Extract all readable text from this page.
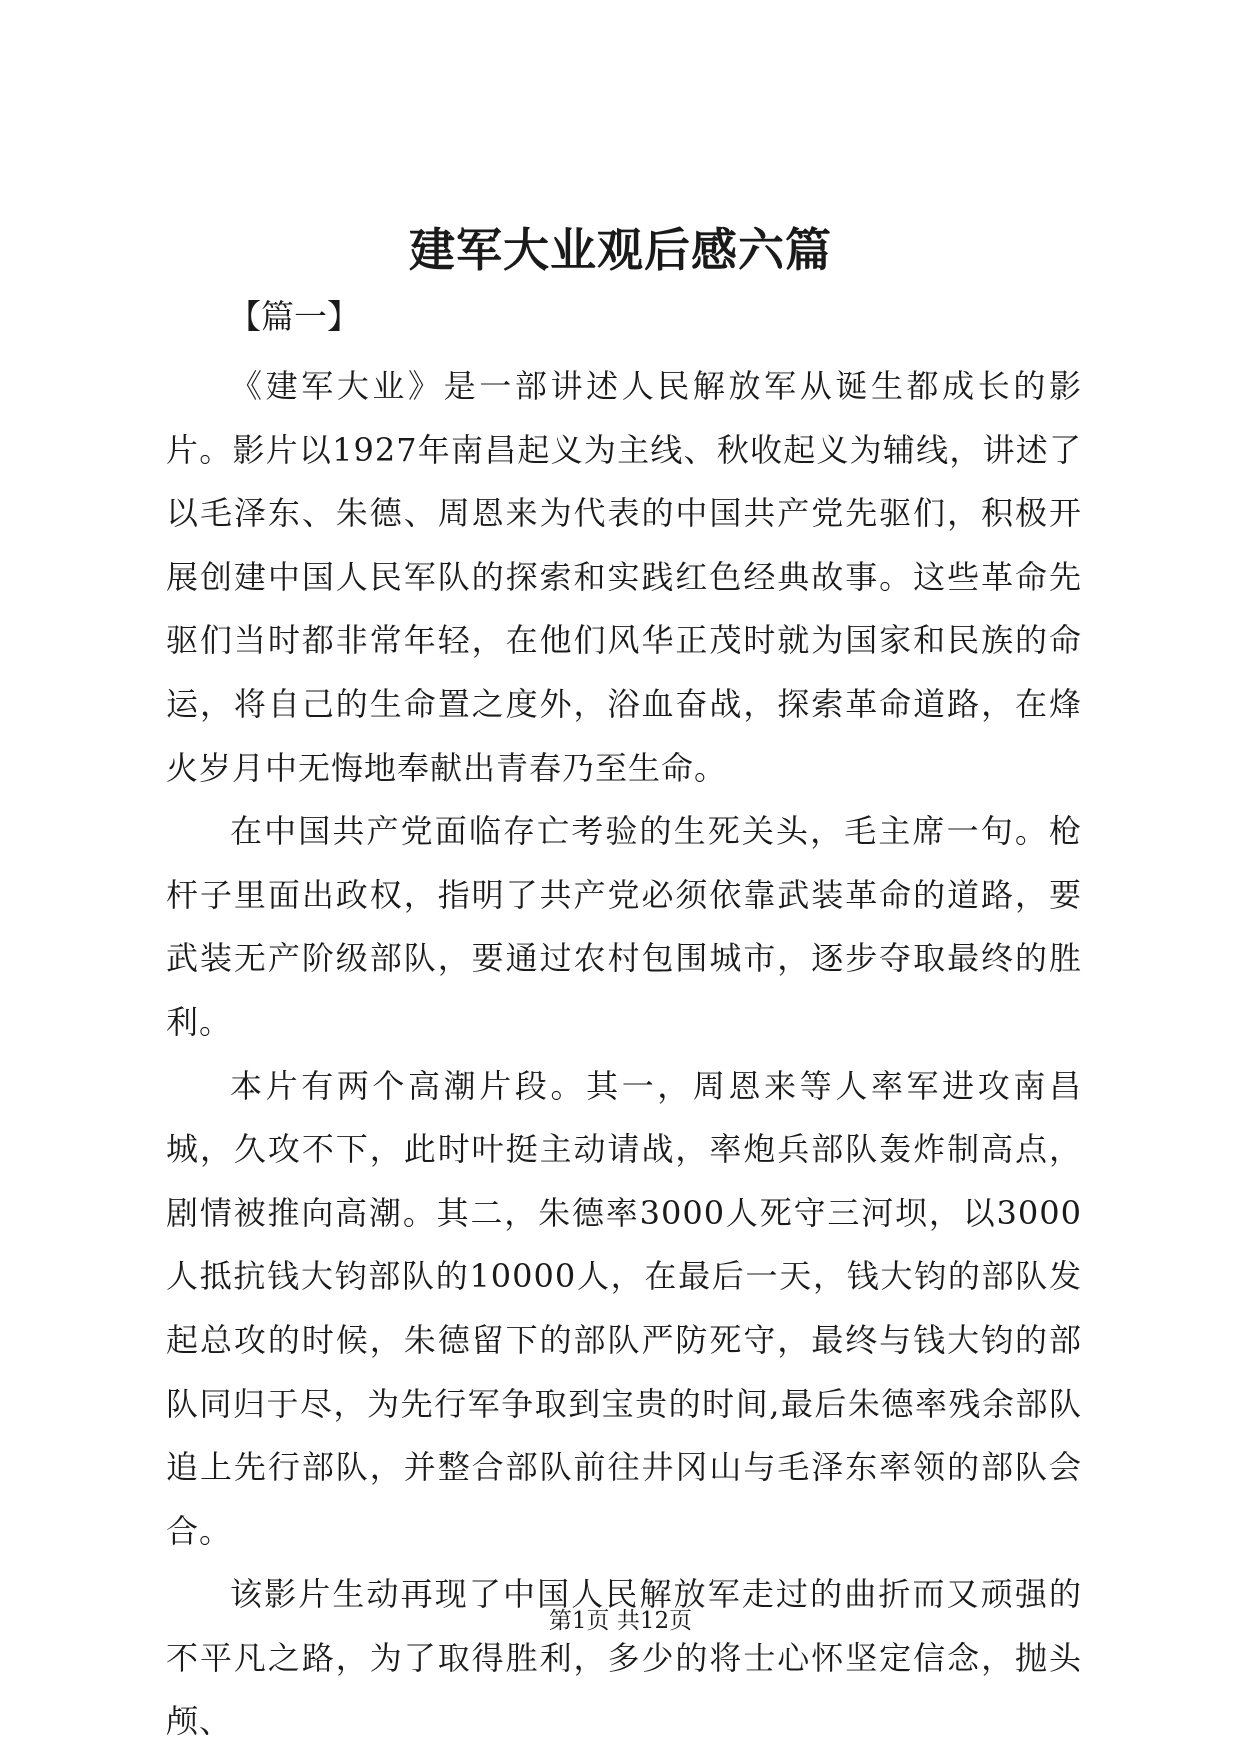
建军大业观后感六篇
【篇一】

《建军大业》是一部讲述人民解放军从诞生都成长的影片。影片以1927年南昌起义为主线、秋收起义为辅线，讲述了以毛泽东、朱德、周恩来为代表的中国共产党先驱们，积极开展创建中国人民军队的探索和实践红色经典故事。这些革命先驱们当时都非常年轻，在他们风华正茂时就为国家和民族的命运，将自己的生命置之度外，浴血奋战，探索革命道路，在烽火岁月中无悔地奉献出青春乃至生命。

在中国共产党面临存亡考验的生死关头，毛主席一句。枪杆子里面出政权，指明了共产党必须依靠武装革命的道路，要武装无产阶级部队，要通过农村包围城市，逐步夺取最终的胜利。

本片有两个高潮片段。其一，周恩来等人率军进攻南昌城，久攻不下，此时叶挺主动请战，率炮兵部队轰炸制高点，剧情被推向高潮。其二，朱德率3000人死守三河坝，以3000人抵抗钱大钧部队的10000人，在最后一天，钱大钧的部队发起总攻的时候，朱德留下的部队严防死守，最终与钱大钧的部队同归于尽，为先行军争取到宝贵的时间,最后朱德率残余部队追上先行部队，并整合部队前往井冈山与毛泽东率领的部队会合。

该影片生动再现了中国人民解放军走过的曲折而又顽强的不平凡之路，为了取得胜利，多少的将士心怀坚定信念，抛头颅、

第1页 共12页
